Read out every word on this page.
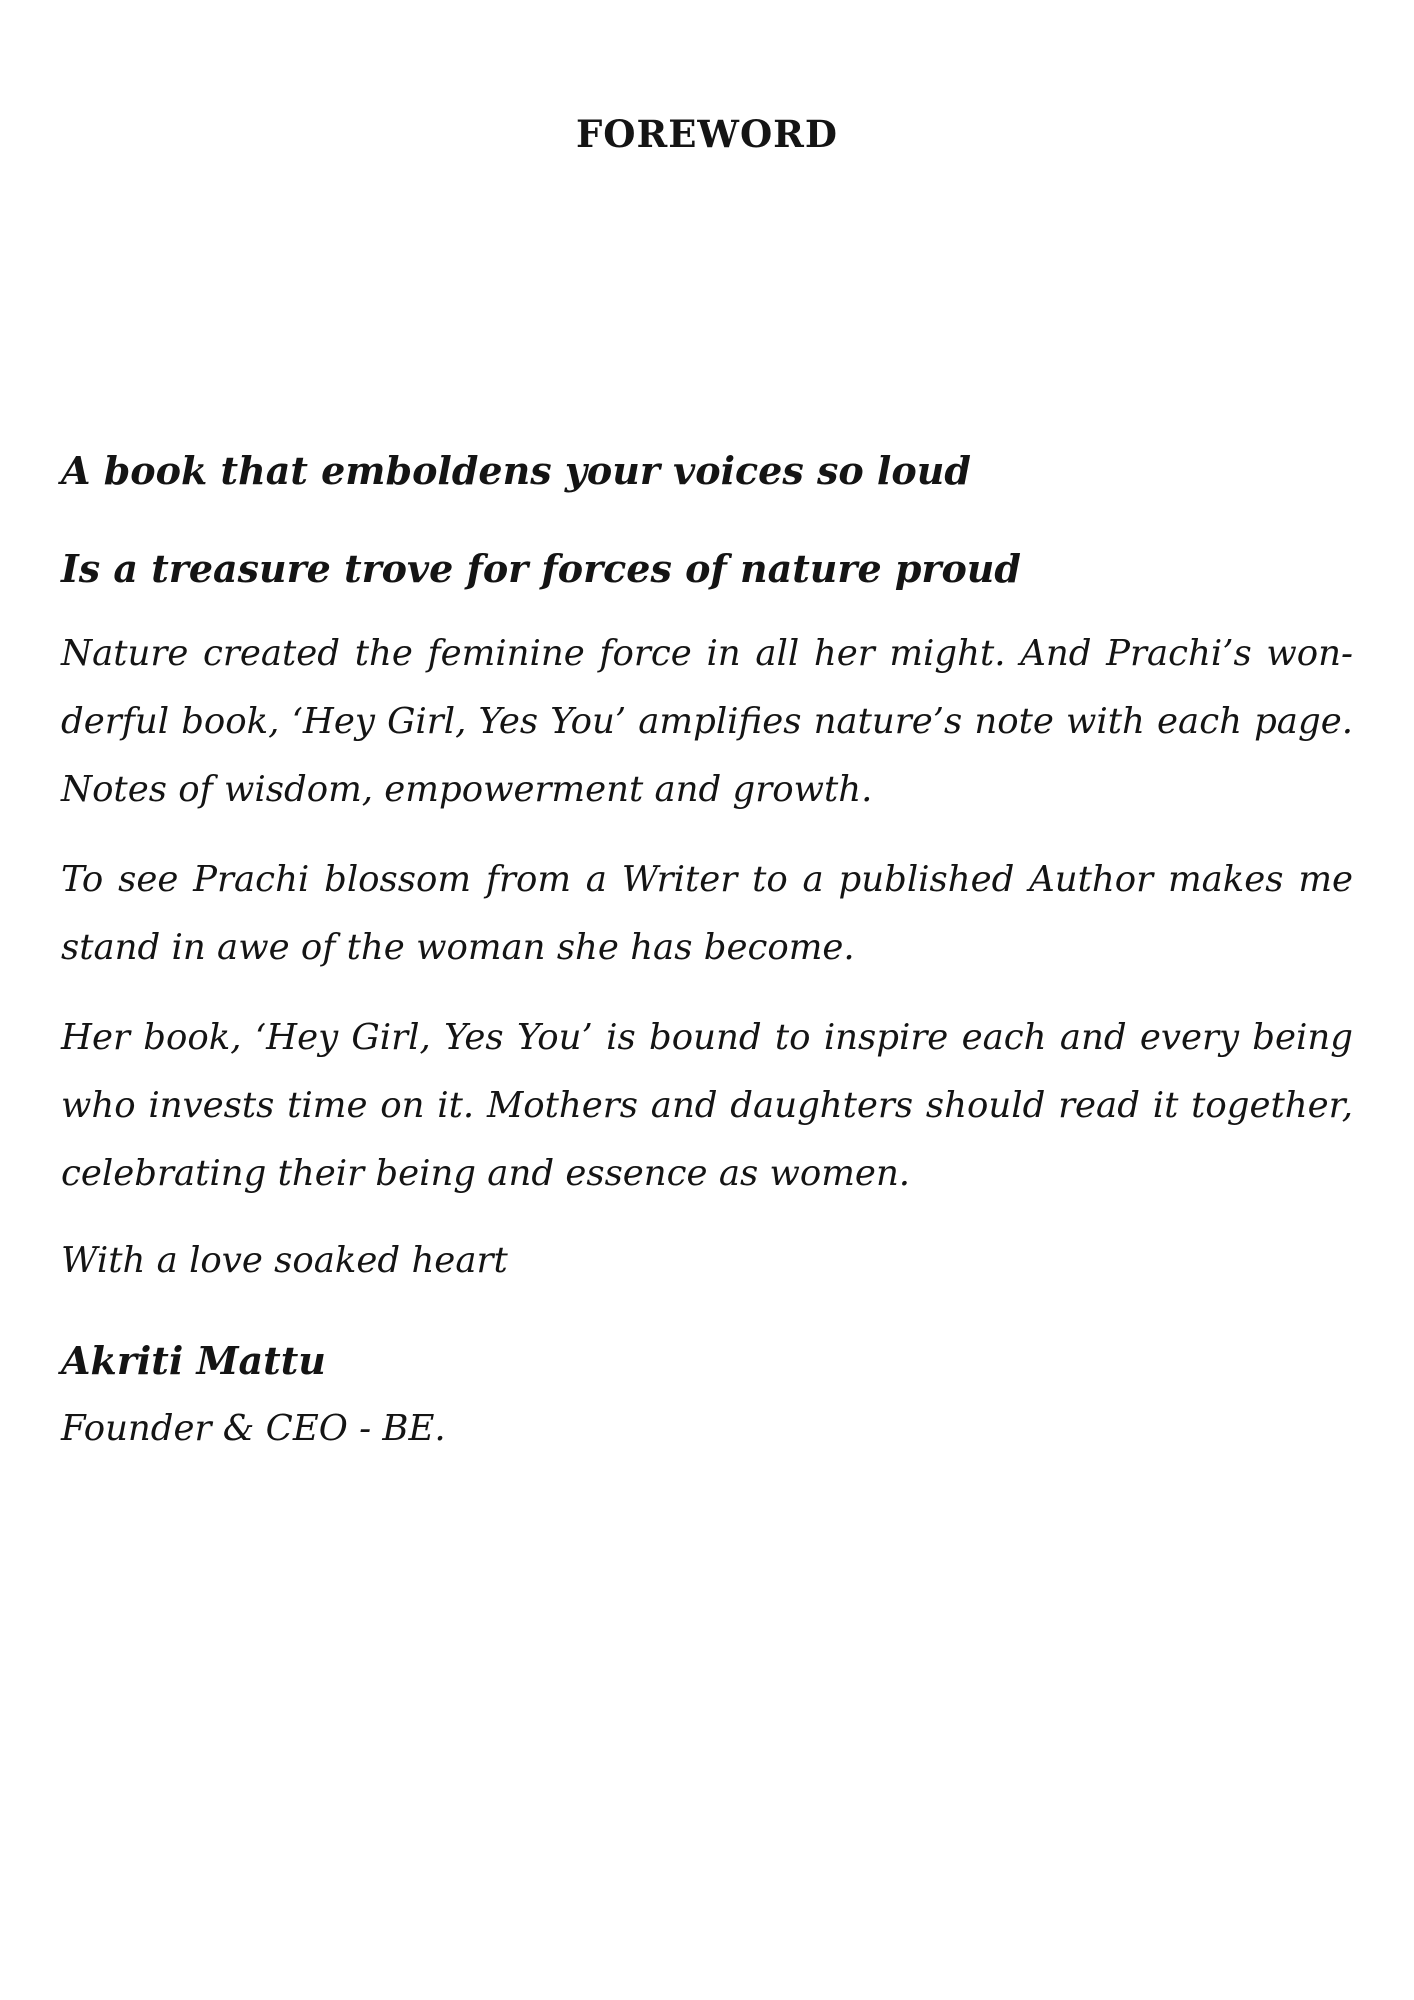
FOREWORD

A book that emboldens your voices so loud

Is a treasure trove for forces of nature proud

Nature created the feminine force in all her might. And Prachi’s wonderful book, ‘Hey Girl, Yes You’ amplifies nature’s note with each page. Notes of wisdom, empowerment and growth.

To see Prachi blossom from a Writer to a published Author makes me stand in awe of the woman she has become.

Her book, ‘Hey Girl, Yes You’ is bound to inspire each and every being who invests time on it. Mothers and daughters should read it together, celebrating their being and essence as women.

With a love soaked heart

Akriti Mattu

Founder & CEO - BE.
